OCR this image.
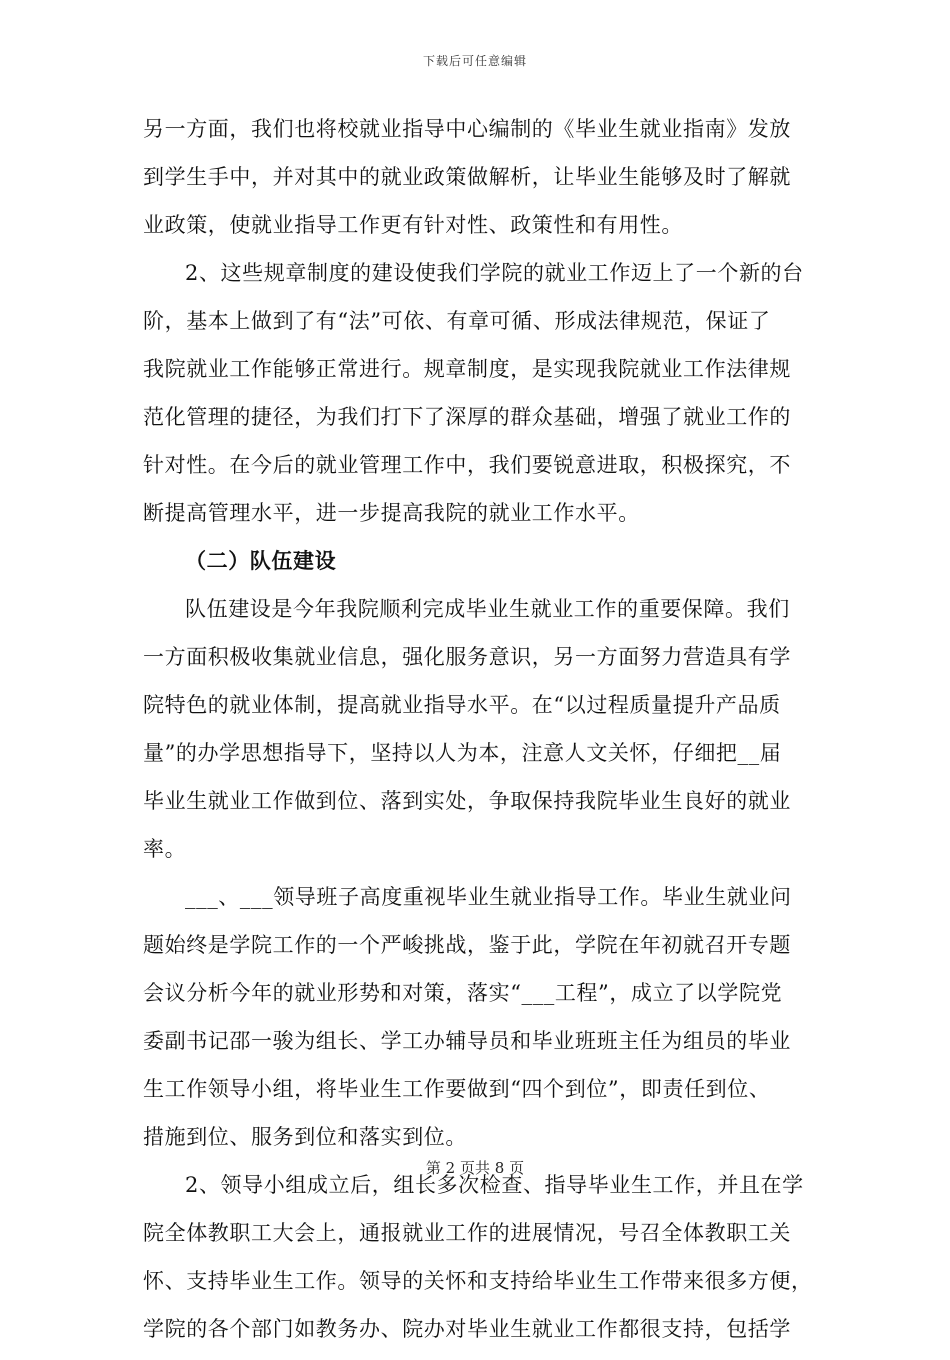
下载后可任意编辑
另一方面，我们也将校就业指导中心编制的《毕业生就业指南》发放
到学生手中，并对其中的就业政策做解析，让毕业生能够及时了解就
业政策，使就业指导工作更有针对性、政策性和有用性。
2、这些规章制度的建设使我们学院的就业工作迈上了一个新的台
阶，基本上做到了有“法”可依、有章可循、形成法律规范，保证了
我院就业工作能够正常进行。规章制度，是实现我院就业工作法律规
范化管理的捷径，为我们打下了深厚的群众基础，增强了就业工作的
针对性。在今后的就业管理工作中，我们要锐意进取，积极探究，不
断提高管理水平，进一步提高我院的就业工作水平。
（二）队伍建设
队伍建设是今年我院顺利完成毕业生就业工作的重要保障。我们
一方面积极收集就业信息，强化服务意识，另一方面努力营造具有学
院特色的就业体制，提高就业指导水平。在“以过程质量提升产品质
量”的办学思想指导下，坚持以人为本，注意人文关怀，仔细把__届
毕业生就业工作做到位、落到实处，争取保持我院毕业生良好的就业
率。
___、___领导班子高度重视毕业生就业指导工作。毕业生就业问
题始终是学院工作的一个严峻挑战，鉴于此，学院在年初就召开专题
会议分析今年的就业形势和对策，落实“___工程”，成立了以学院党
委副书记邵一骏为组长、学工办辅导员和毕业班班主任为组员的毕业
生工作领导小组，将毕业生工作要做到“四个到位”，即责任到位、
措施到位、服务到位和落实到位。
2、领导小组成立后，组长多次检查、指导毕业生工作，并且在学
院全体教职工大会上，通报就业工作的进展情况，号召全体教职工关
怀、支持毕业生工作。领导的关怀和支持给毕业生工作带来很多方便，
学院的各个部门如教务办、院办对毕业生就业工作都很支持，包括学
第 2 页共 8 页
